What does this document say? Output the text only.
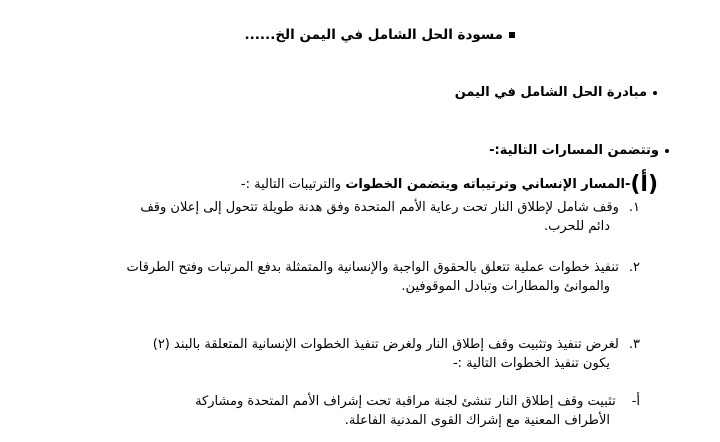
مسودة الحل الشامل في اليمن الخ......
مبادرة الحل الشامل في اليمن
وتتضمن المسارات التالية:-
(أ)-المسار الإنساني وترتيباته ويتضمن الخطوات والترتيبات التالية :-
١.وقف شامل لإطلاق النار تحت رعاية الأمم المتحدة وفق هدنة طويلة تتحول إلى إعلان وقف
دائم للحرب.
٢.تنفيذ خطوات عملية تتعلق بالحقوق الواجبة والإنسانية والمتمثلة بدفع المرتبات وفتح الطرقات
والموانئ والمطارات وتبادل الموقوفين.
٣.لغرض تنفيذ وتثبيت وقف إطلاق النار ولغرض تنفيذ الخطوات الإنسانية المتعلقة بالبند (٢)
يكون تنفيذ الخطوات التالية :-
أ-تثبيت وقف إطلاق النار تنشئ لجنة مراقبة تحت إشراف الأمم المتحدة ومشاركة
الأطراف المعنية مع إشراك القوى المدنية الفاعلة.
